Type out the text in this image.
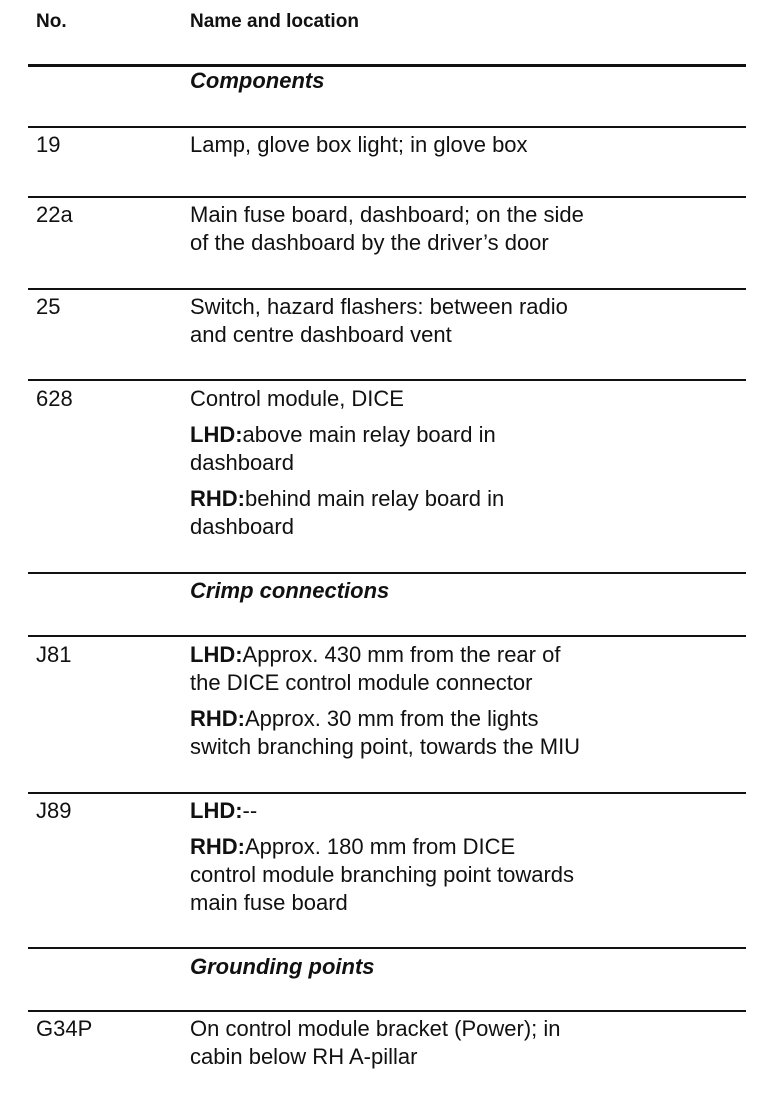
No.	Name and location
Components
19	Lamp, glove box light; in glove box

22a	Main fuse board, dashboard; on the side
of the dashboard by the driver’s door

25	Switch, hazard flashers: between radio
and centre dashboard vent

628	Control module, DICE

LHD:above main relay board in
dashboard

RHD:behind main relay board in
dashboard

Crimp connections
J81	LHD:Approx. 430 mm from the rear of
the DICE control module connector

RHD:Approx. 30 mm from the lights
switch branching point, towards the MIU

J89	LHD:--

RHD:Approx. 180 mm from DICE
control module branching point towards
main fuse board

Grounding points
G34P	On control module bracket (Power); in
cabin below RH A-pillar
